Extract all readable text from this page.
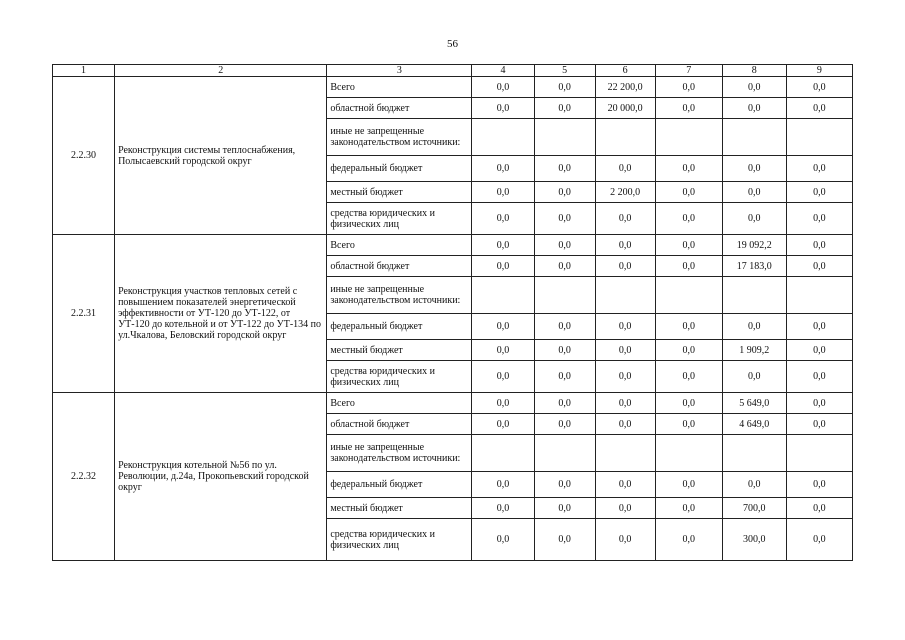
56
1	2	3	4	5	6	7	8	9
2.2.30	Реконструкция системы теплоснабжения, Полысаевский городской округ	Всего	0,0	0,0	22 200,0	0,0	0,0	0,0
		областной бюджет	0,0	0,0	20 000,0	0,0	0,0	0,0
		иные не запрещенные законодательством источники:						
		федеральный бюджет	0,0	0,0	0,0	0,0	0,0	0,0
		местный бюджет	0,0	0,0	2 200,0	0,0	0,0	0,0
		средства юридических и физических лиц	0,0	0,0	0,0	0,0	0,0	0,0
2.2.31	Реконструкция участков тепловых сетей с повышением показателей энергетической эффективности от УТ-120 до УТ-122, от УТ-120 до котельной и от УТ-122 до УТ-134 по ул.Чкалова, Беловский городской округ	Всего	0,0	0,0	0,0	0,0	19 092,2	0,0
		областной бюджет	0,0	0,0	0,0	0,0	17 183,0	0,0
		иные не запрещенные законодательством источники:						
		федеральный бюджет	0,0	0,0	0,0	0,0	0,0	0,0
		местный бюджет	0,0	0,0	0,0	0,0	1 909,2	0,0
		средства юридических и физических лиц	0,0	0,0	0,0	0,0	0,0	0,0
2.2.32	Реконструкция котельной №56 по ул. Революции, д.24а, Прокопьевский городской округ	Всего	0,0	0,0	0,0	0,0	5 649,0	0,0
		областной бюджет	0,0	0,0	0,0	0,0	4 649,0	0,0
		иные не запрещенные законодательством источники:						
		федеральный бюджет	0,0	0,0	0,0	0,0	0,0	0,0
		местный бюджет	0,0	0,0	0,0	0,0	700,0	0,0
		средства юридических и физических лиц	0,0	0,0	0,0	0,0	300,0	0,0
